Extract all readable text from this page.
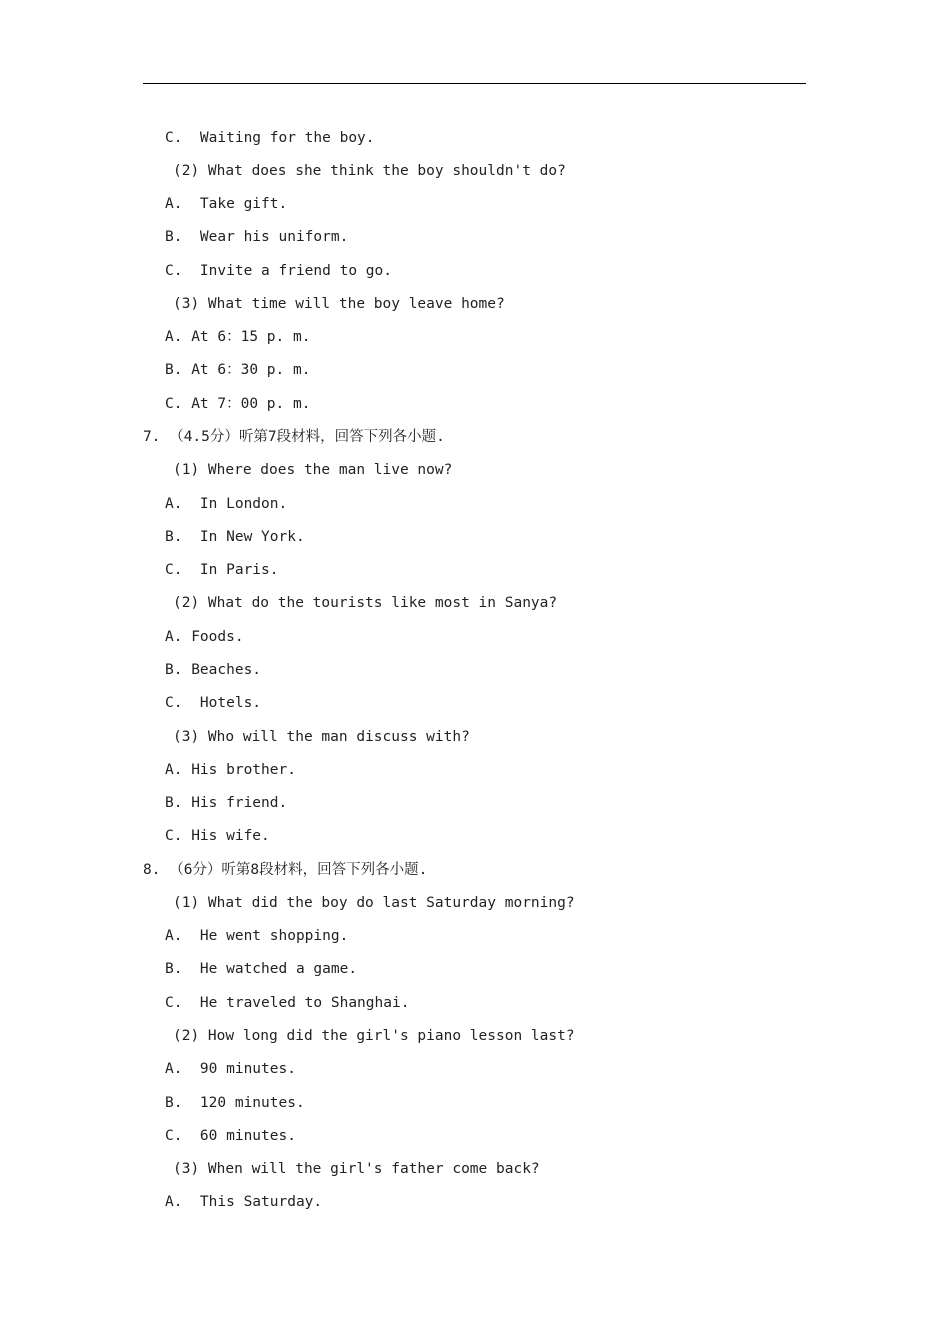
C.  Waiting for the boy.
(2) What does she think the boy shouldn't do?
A.  Take gift.
B.  Wear his uniform.
C.  Invite a friend to go.
(3) What time will the boy leave home?
A. At 6：15 p. m.
B. At 6：30 p. m.
C. At 7：00 p. m.
7. （4.5分）听第7段材料，回答下列各小题.
(1) Where does the man live now?
A.  In London.
B.  In New York.
C.  In Paris.
(2) What do the tourists like most in Sanya?
A. Foods.
B. Beaches.
C.  Hotels.
(3) Who will the man discuss with?
A. His brother.
B. His friend.
C. His wife.
8. （6分）听第8段材料，回答下列各小题.
(1) What did the boy do last Saturday morning?
A.  He went shopping.
B.  He watched a game.
C.  He traveled to Shanghai.
(2) How long did the girl's piano lesson last?
A.  90 minutes.
B.  120 minutes.
C.  60 minutes.
(3) When will the girl's father come back?
A.  This Saturday.
